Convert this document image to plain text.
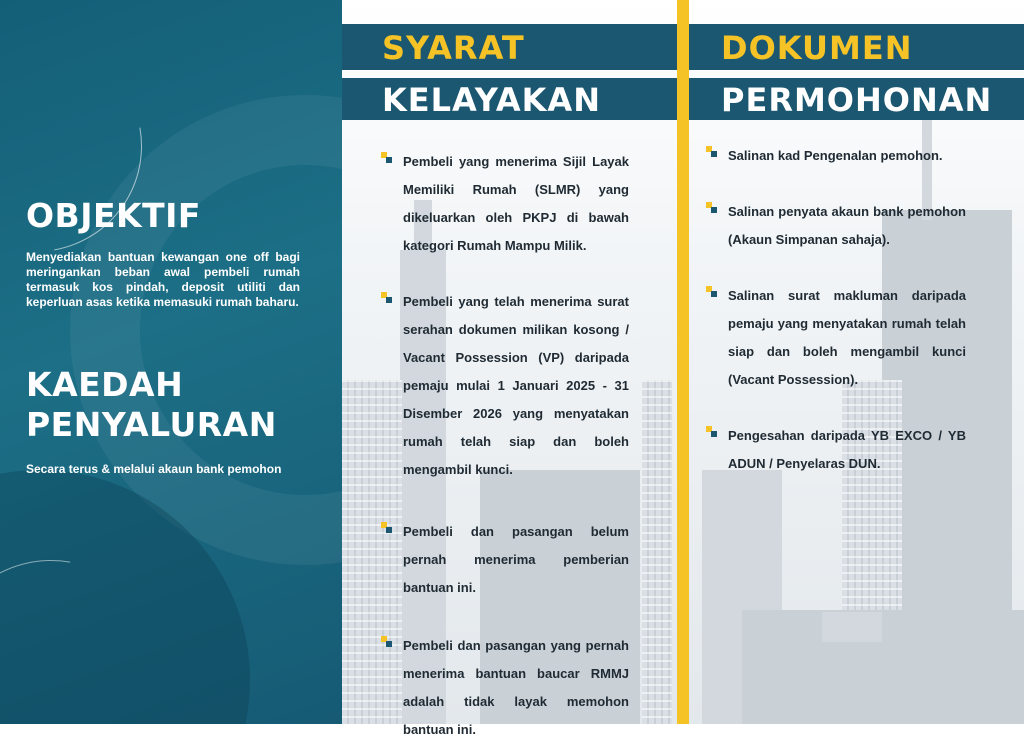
OBJEKTIF
Menyediakan bantuan kewangan one off bagi meringankan beban awal pembeli rumah termasuk kos pindah, deposit utiliti dan keperluan asas ketika memasuki rumah baharu.
KAEDAH PENYALURAN
Secara terus & melalui akaun bank pemohon
SYARAT
KELAYAKAN
DOKUMEN
PERMOHONAN
Pembeli yang menerima Sijil Layak Memiliki Rumah (SLMR) yang dikeluarkan oleh PKPJ di bawah kategori Rumah Mampu Milik.
Pembeli yang telah menerima surat serahan dokumen milikan kosong / Vacant Possession (VP) daripada pemaju mulai 1 Januari 2025 - 31 Disember 2026 yang menyatakan rumah telah siap dan boleh mengambil kunci.
Pembeli dan pasangan belum pernah menerima pemberian bantuan ini.
Pembeli dan pasangan yang pernah menerima bantuan baucar RMMJ adalah tidak layak memohon bantuan ini.
Salinan kad Pengenalan pemohon.
Salinan penyata akaun bank pemohon (Akaun Simpanan sahaja).
Salinan surat makluman daripada pemaju yang menyatakan rumah telah siap dan boleh mengambil kunci (Vacant Possession).
Pengesahan daripada YB EXCO / YB ADUN / Penyelaras DUN.
